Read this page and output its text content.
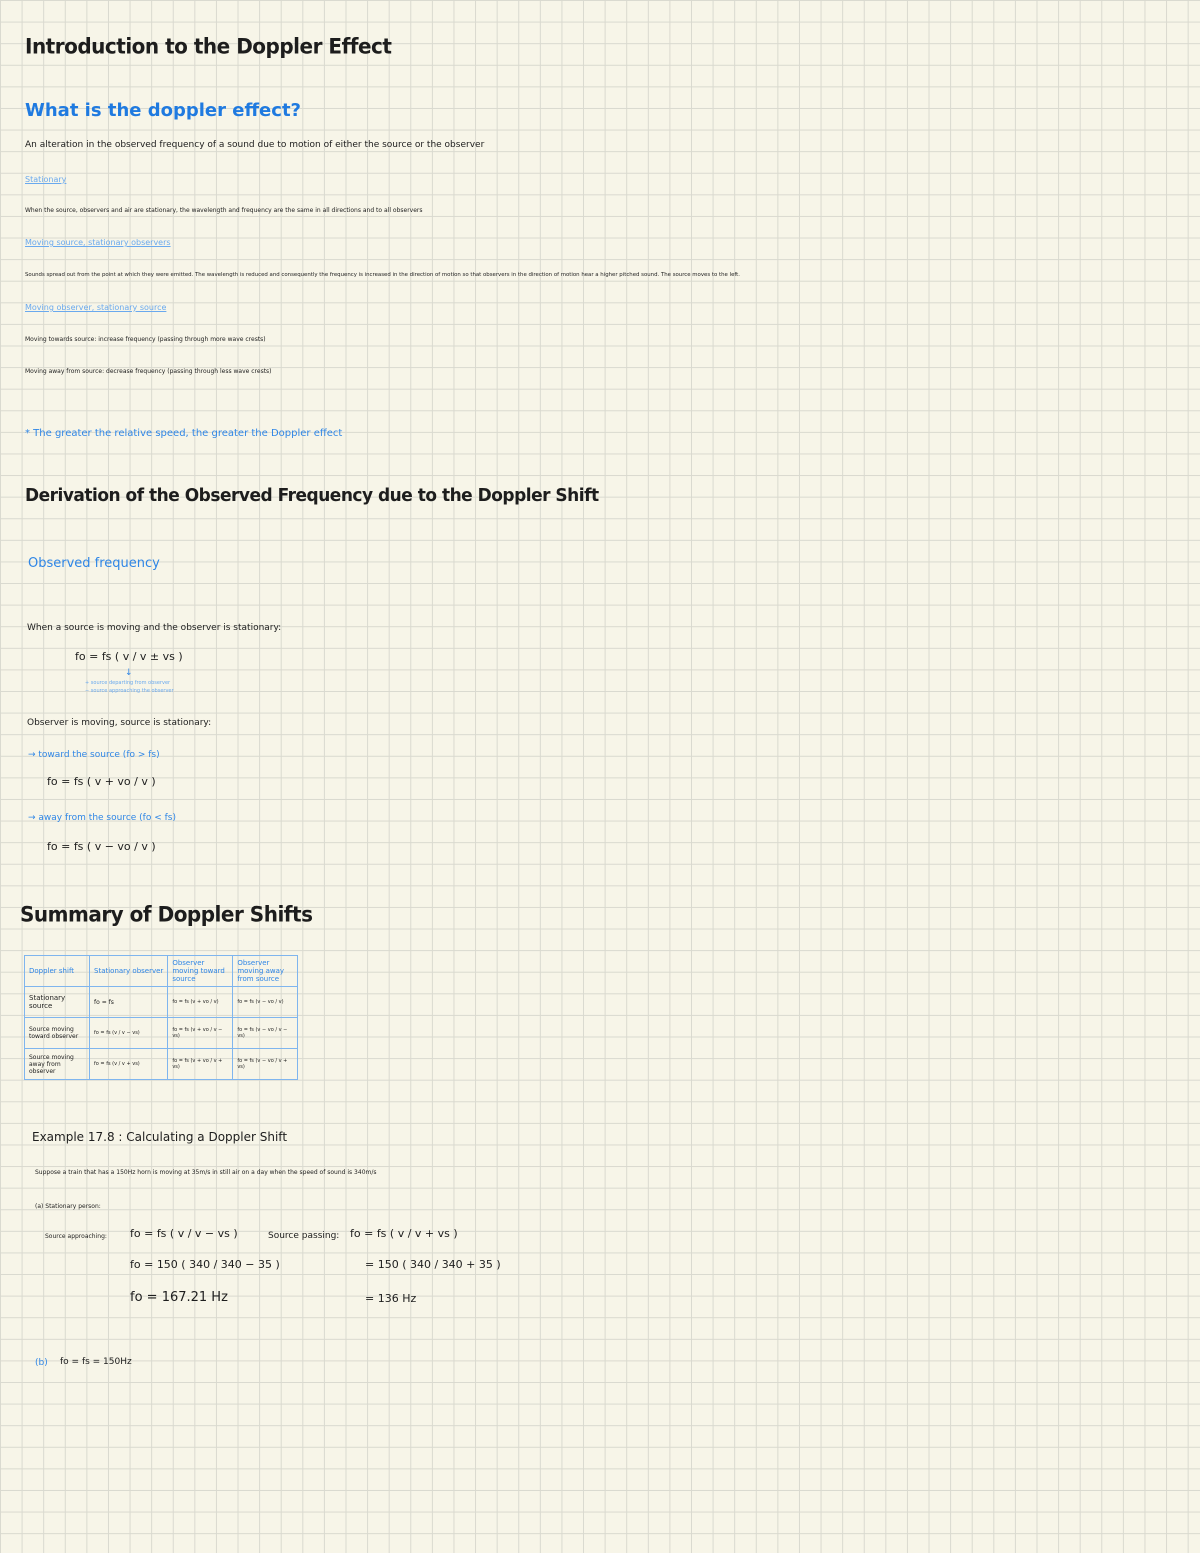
Introduction to the Doppler Effect
What is the doppler effect?
An alteration in the observed frequency of a sound due to motion of either the source or the observer
Stationary
When the source, observers and air are stationary, the wavelength and frequency are the same in all directions and to all observers
Moving source, stationary observers
Sounds spread out from the point at which they were emitted. The wavelength is reduced and consequently the frequency is increased in the direction of motion so that observers in the direction of motion hear a higher pitched sound. The source moves to the left.
Moving observer, stationary source
Moving towards source: increase frequency (passing through more wave crests)
Moving away from source: decrease frequency (passing through less wave crests)
* The greater the relative speed, the greater the Doppler effect
Derivation of the Observed Frequency due to the Doppler Shift
Observed frequency
When a source is moving and the observer is stationary:
fo = fs ( v / v ± vs )
↓
+ source departing from observer
− source approaching the observer
Observer is moving, source is stationary:
→ toward the source (fo > fs)
fo = fs ( v + vo / v )
→ away from the source (fo < fs)
fo = fs ( v − vo / v )
Summary of Doppler Shifts
Doppler shift	Stationary observer	Observer moving toward source	Observer moving away from source
Stationary source	fo = fs	fo = fs (v + vo / v)	fo = fs (v − vo / v)
Source moving toward observer	fo = fs (v / v − vs)	fo = fs (v + vo / v − vs)	fo = fs (v − vo / v − vs)
Source moving away from observer	fo = fs (v / v + vs)	fo = fs (v + vo / v + vs)	fo = fs (v − vo / v + vs)
Example 17.8 : Calculating a Doppler Shift
Suppose a train that has a 150Hz horn is moving at 35m/s in still air on a day when the speed of sound is 340m/s
(a) Stationary person:
Source approaching: fo = fs ( v / v − vs )
fo = 150 ( 340 / 340 − 35 )
fo = 167.21 Hz
Source passing: fo = fs ( v / v + vs )
= 150 ( 340 / 340 + 35 )
= 136 Hz
(b) fo = fs = 150Hz
